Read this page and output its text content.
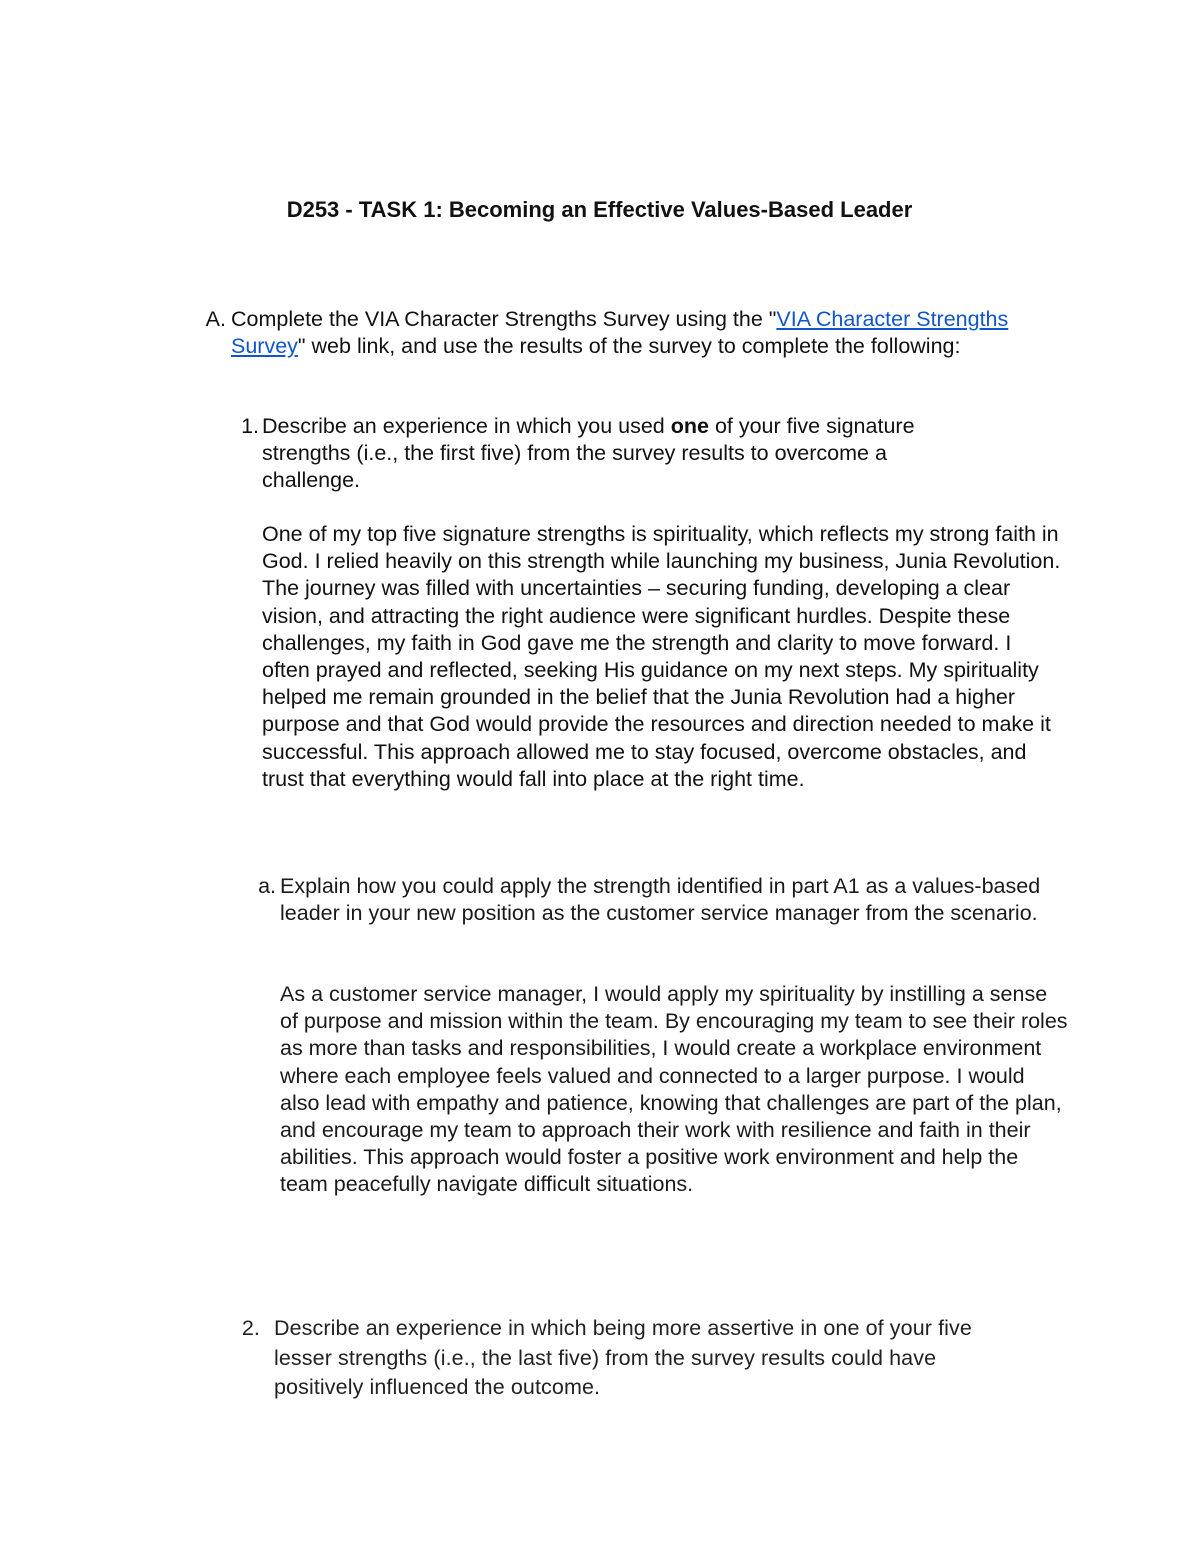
D253 - TASK 1: Becoming an Effective Values-Based Leader
A. Complete the VIA Character Strengths Survey using the "VIA Character Strengths Survey" web link, and use the results of the survey to complete the following:
1. Describe an experience in which you used one of your five signature strengths (i.e., the first five) from the survey results to overcome a challenge.
One of my top five signature strengths is spirituality, which reflects my strong faith in God. I relied heavily on this strength while launching my business, Junia Revolution. The journey was filled with uncertainties – securing funding, developing a clear vision, and attracting the right audience were significant hurdles. Despite these challenges, my faith in God gave me the strength and clarity to move forward. I often prayed and reflected, seeking His guidance on my next steps. My spirituality helped me remain grounded in the belief that the Junia Revolution had a higher purpose and that God would provide the resources and direction needed to make it successful. This approach allowed me to stay focused, overcome obstacles, and trust that everything would fall into place at the right time.
a. Explain how you could apply the strength identified in part A1 as a values-based leader in your new position as the customer service manager from the scenario.
As a customer service manager, I would apply my spirituality by instilling a sense of purpose and mission within the team. By encouraging my team to see their roles as more than tasks and responsibilities, I would create a workplace environment where each employee feels valued and connected to a larger purpose. I would also lead with empathy and patience, knowing that challenges are part of the plan, and encourage my team to approach their work with resilience and faith in their abilities. This approach would foster a positive work environment and help the team peacefully navigate difficult situations.
2. Describe an experience in which being more assertive in one of your five lesser strengths (i.e., the last five) from the survey results could have positively influenced the outcome.
